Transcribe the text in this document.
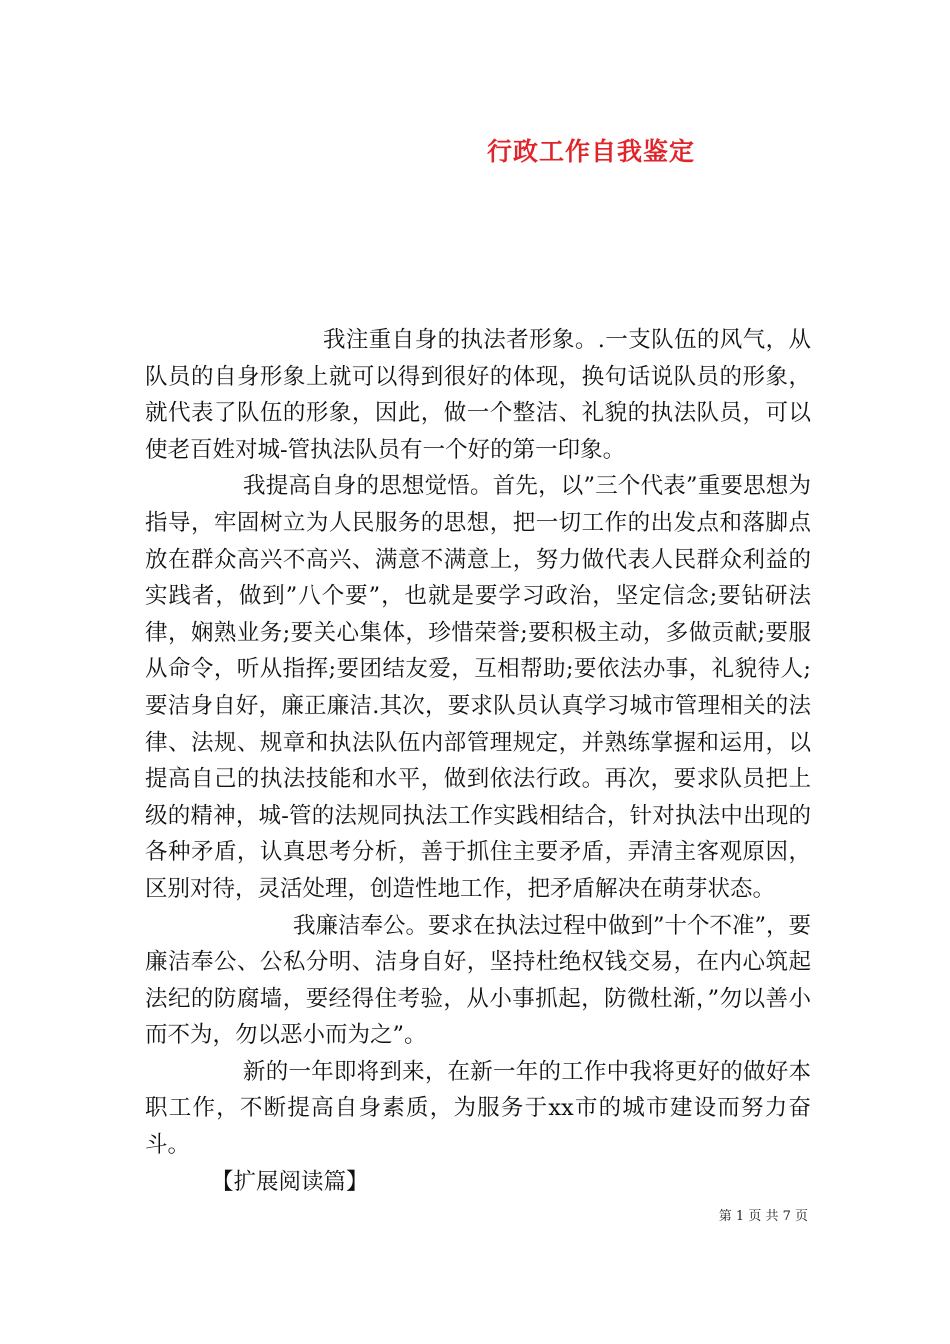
行政工作自我鉴定

我注重自身的执法者形象。.一支队伍的风气，从队员的自身形象上就可以得到很好的体现，换句话说队员的形象，就代表了队伍的形象，因此，做一个整洁、礼貌的执法队员，可以使老百姓对城-管执法队员有一个好的第一印象。

我提高自身的思想觉悟。首先，以”三个代表”重要思想为指导，牢固树立为人民服务的思想，把一切工作的出发点和落脚点放在群众高兴不高兴、满意不满意上，努力做代表人民群众利益的实践者，做到”八个要”，也就是要学习政治，坚定信念;要钻研法律，娴熟业务;要关心集体，珍惜荣誉;要积极主动，多做贡献;要服从命令，听从指挥;要团结友爱，互相帮助;要依法办事，礼貌待人;要洁身自好，廉正廉洁.其次，要求队员认真学习城市管理相关的法律、法规、规章和执法队伍内部管理规定，并熟练掌握和运用，以提高自己的执法技能和水平，做到依法行政。再次，要求队员把上级的精神，城-管的法规同执法工作实践相结合，针对执法中出现的各种矛盾，认真思考分析，善于抓住主要矛盾，弄清主客观原因，区别对待，灵活处理，创造性地工作，把矛盾解决在萌芽状态。

我廉洁奉公。要求在执法过程中做到”十个不准”，要廉洁奉公、公私分明、洁身自好，坚持杜绝权钱交易，在内心筑起法纪的防腐墙，要经得住考验，从小事抓起，防微杜渐，”勿以善小而不为，勿以恶小而为之”。

新的一年即将到来，在新一年的工作中我将更好的做好本职工作，不断提高自身素质，为服务于xx市的城市建设而努力奋斗。

【扩展阅读篇】

第 1 页 共 7 页
